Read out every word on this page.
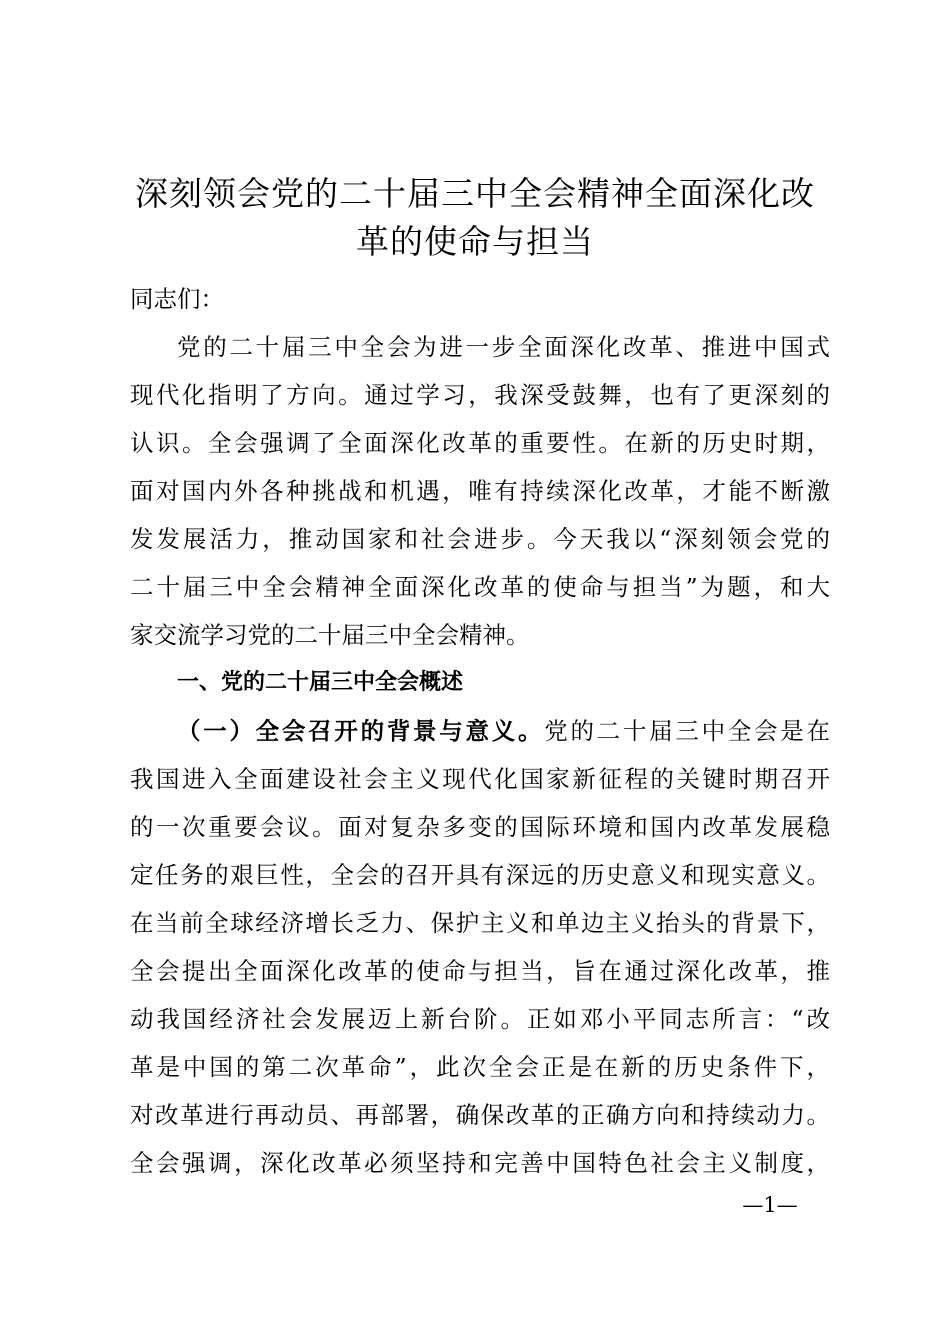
深刻领会党的二十届三中全会精神全面深化改
革的使命与担当
同志们：
党的二十届三中全会为进一步全面深化改革、推进中国式
现代化指明了方向。通过学习，我深受鼓舞，也有了更深刻的
认识。全会强调了全面深化改革的重要性。在新的历史时期，
面对国内外各种挑战和机遇，唯有持续深化改革，才能不断激
发发展活力，推动国家和社会进步。今天我以“深刻领会党的
二十届三中全会精神全面深化改革的使命与担当”为题，和大
家交流学习党的二十届三中全会精神。
一、党的二十届三中全会概述
（一）全会召开的背景与意义。党的二十届三中全会是在
我国进入全面建设社会主义现代化国家新征程的关键时期召开
的一次重要会议。面对复杂多变的国际环境和国内改革发展稳
定任务的艰巨性，全会的召开具有深远的历史意义和现实意义。
在当前全球经济增长乏力、保护主义和单边主义抬头的背景下，
全会提出全面深化改革的使命与担当，旨在通过深化改革，推
动我国经济社会发展迈上新台阶。正如邓小平同志所言：“改
革是中国的第二次革命”，此次全会正是在新的历史条件下，
对改革进行再动员、再部署，确保改革的正确方向和持续动力。
全会强调，深化改革必须坚持和完善中国特色社会主义制度，
—1—
